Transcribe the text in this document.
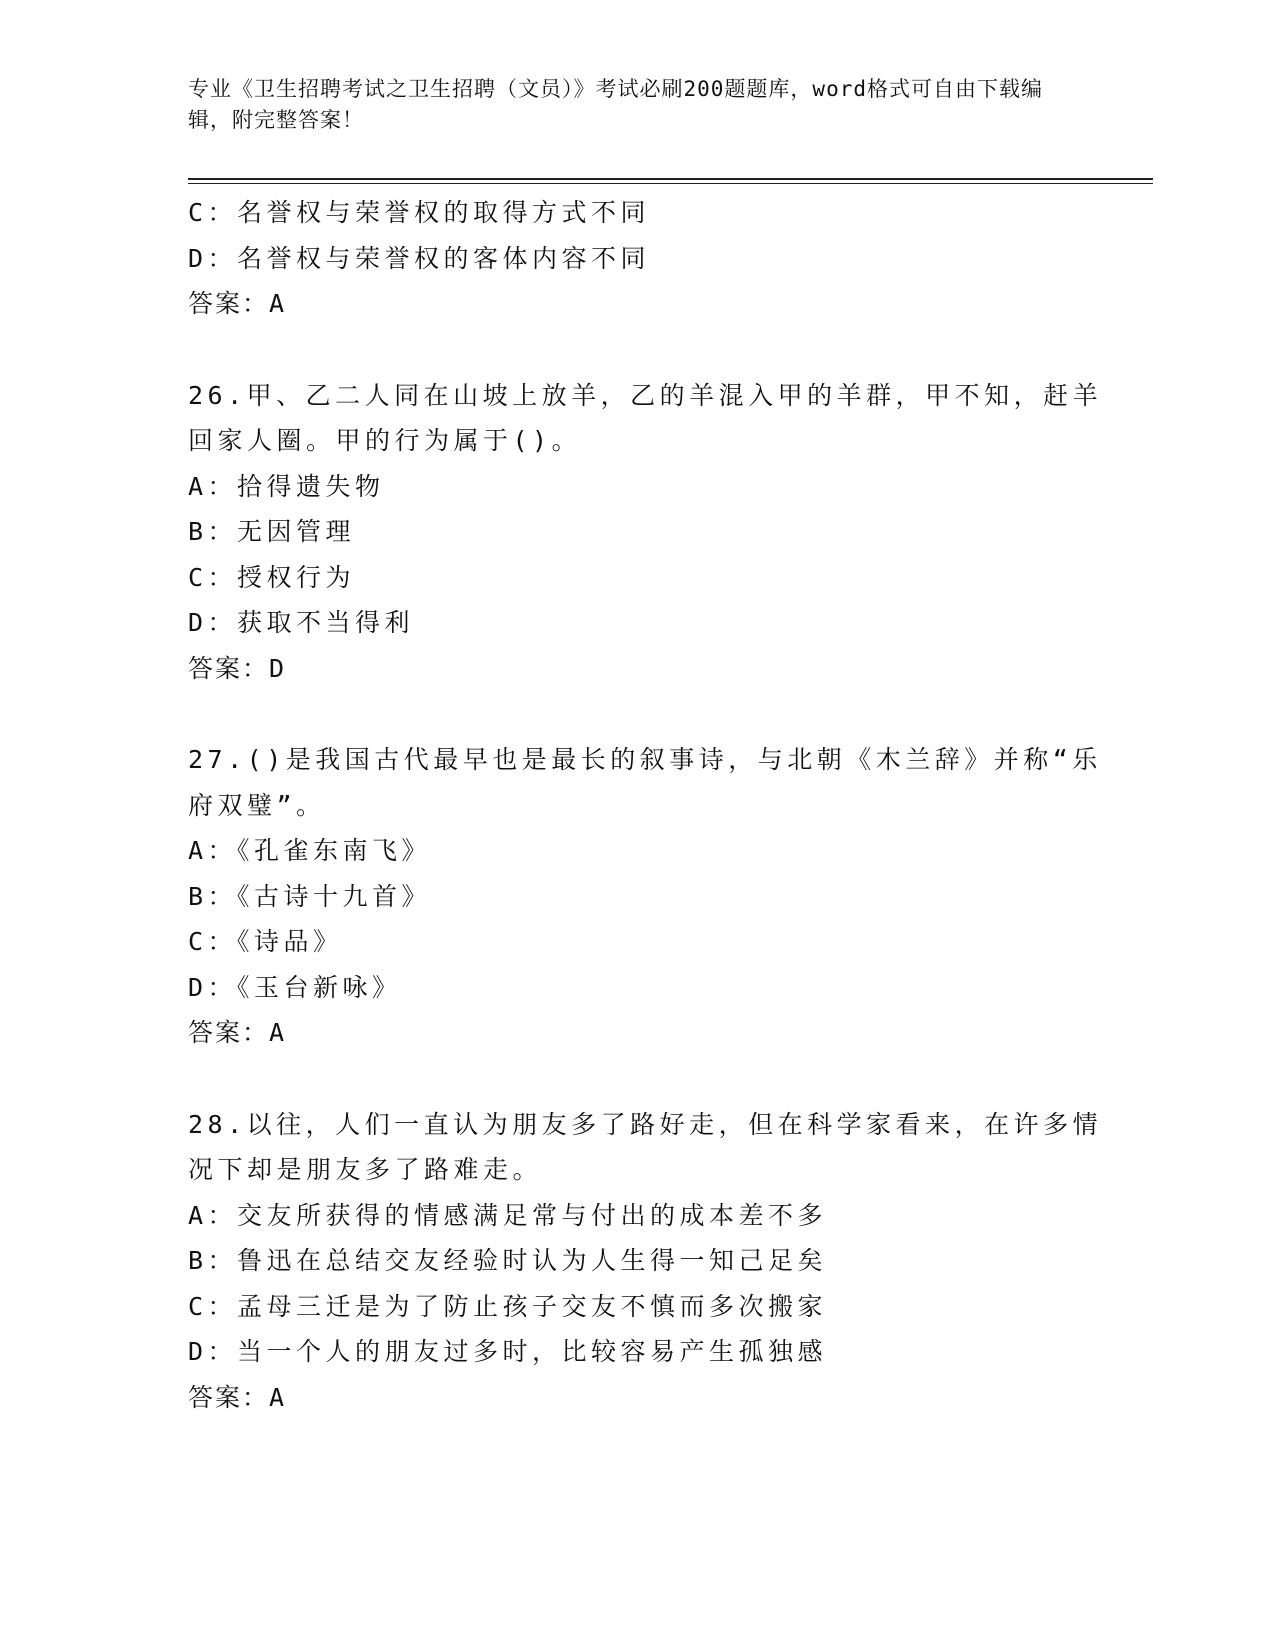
专业《卫生招聘考试之卫生招聘（文员）》考试必刷200题题库，word格式可自由下载编辑，附完整答案！
C：名誉权与荣誉权的取得方式不同
D：名誉权与荣誉权的客体内容不同
答案：A
26.甲、乙二人同在山坡上放羊，乙的羊混入甲的羊群，甲不知，赶羊
回家人圈。甲的行为属于()。
A：拾得遗失物
B：无因管理
C：授权行为
D：获取不当得利
答案：D
27.()是我国古代最早也是最长的叙事诗，与北朝《木兰辞》并称“乐
府双璧”。
A：《孔雀东南飞》
B：《古诗十九首》
C：《诗品》
D：《玉台新咏》
答案：A
28.以往，人们一直认为朋友多了路好走，但在科学家看来，在许多情
况下却是朋友多了路难走。
A：交友所获得的情感满足常与付出的成本差不多
B：鲁迅在总结交友经验时认为人生得一知己足矣
C：孟母三迁是为了防止孩子交友不慎而多次搬家
D：当一个人的朋友过多时，比较容易产生孤独感
答案：A
